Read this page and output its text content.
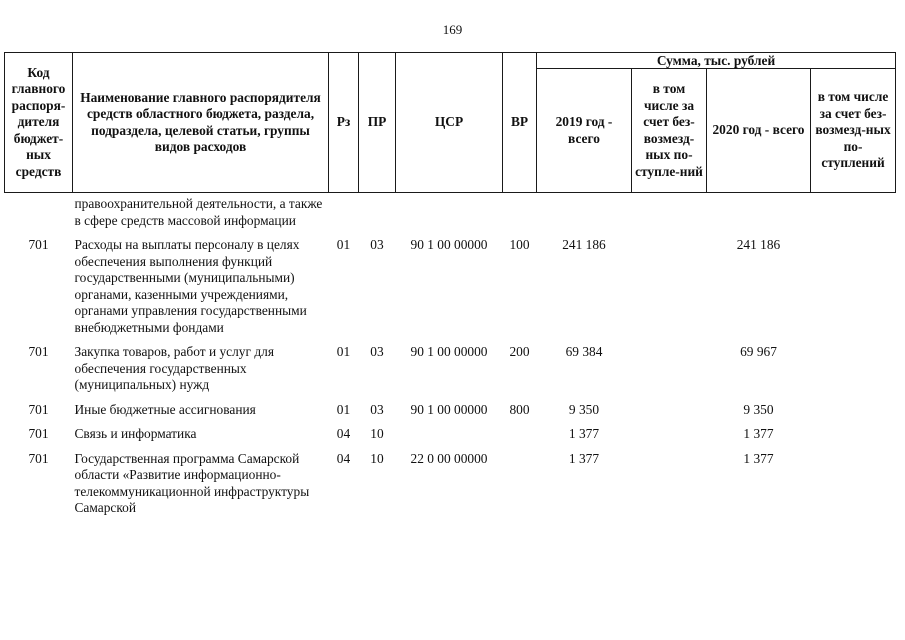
169
Код главного распоря-дителя бюджет-ных средств	Наименование главного распорядителя средств областного бюджета, раздела, подраздела, целевой статьи, группы видов расходов	Рз	ПР	ЦСР	ВР	Сумма, тыс. рублей			
						2019 год - всего	в том числе за счет без-возмезд-ных по-ступле-ний	2020 год - всего	в том числе за счет без-возмезд-ных по-ступлений
	правоохранительной деятельности, а также в сфере средств массовой информации								
701	Расходы на выплаты персоналу в целях обеспечения выполнения функций государственными (муниципальными) органами, казенными учреждениями, органами управления государственными внебюджетными фондами	01	03	90 1 00 00000	100	241 186		241 186	
701	Закупка товаров, работ и услуг для обеспечения государственных (муниципальных) нужд	01	03	90 1 00 00000	200	69 384		69 967	
701	Иные бюджетные ассигнования	01	03	90 1 00 00000	800	9 350		9 350	
701	Связь и информатика	04	10			1 377		1 377	
701	Государственная программа Самарской области «Развитие информационно-телекоммуникационной инфраструктуры Самарской	04	10	22 0 00 00000		1 377		1 377	
